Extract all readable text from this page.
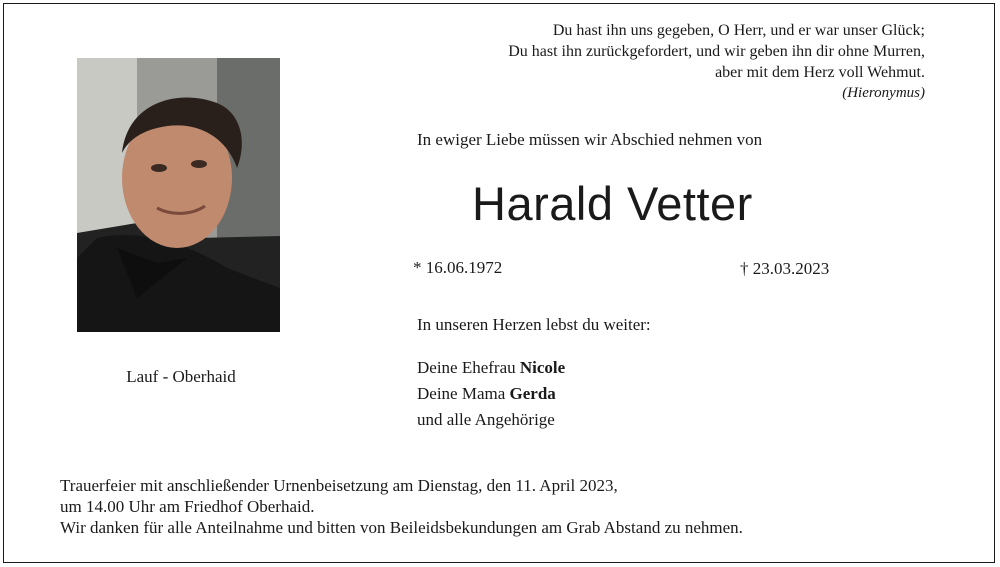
Lauf - Oberhaid
Du hast ihn uns gegeben, O Herr, und er war unser Glück;
Du hast ihn zurückgefordert, und wir geben ihn dir ohne Murren,
aber mit dem Herz voll Wehmut.
(Hieronymus)
In ewiger Liebe müssen wir Abschied nehmen von
Harald Vetter
* 16.06.1972	† 23.03.2023
In unseren Herzen lebst du weiter:
Deine Ehefrau Nicole
Deine Mama Gerda
und alle Angehörige
Trauerfeier mit anschließender Urnenbeisetzung am Dienstag, den 11. April 2023,
um 14.00 Uhr am Friedhof Oberhaid.
Wir danken für alle Anteilnahme und bitten von Beileidsbekundungen am Grab Abstand zu nehmen.
